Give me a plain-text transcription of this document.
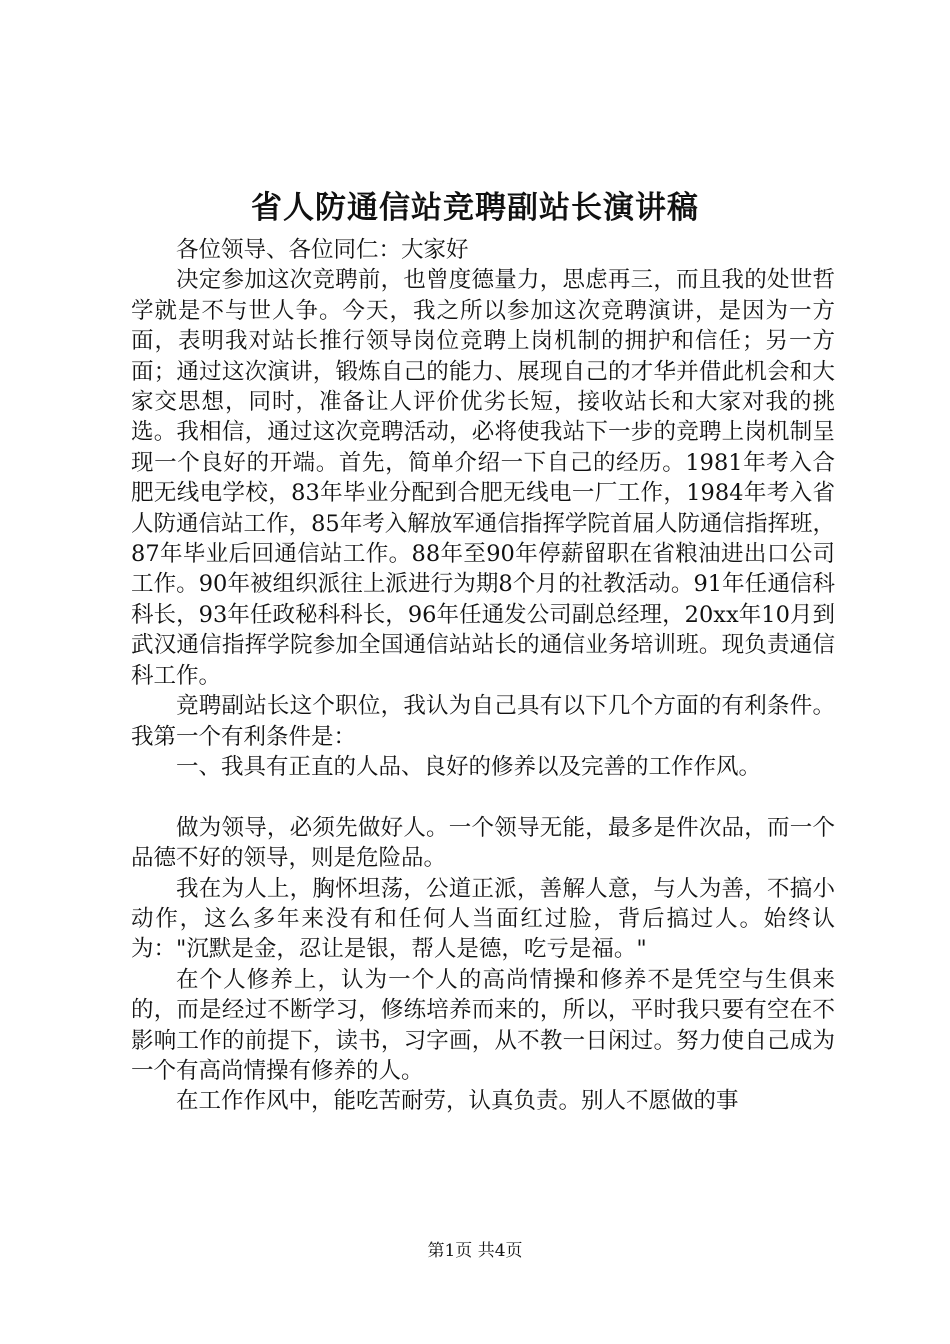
省人防通信站竞聘副站长演讲稿

各位领导、各位同仁：大家好

决定参加这次竞聘前，也曾度德量力，思虑再三，而且我的处世哲学就是不与世人争。今天，我之所以参加这次竞聘演讲，是因为一方面，表明我对站长推行领导岗位竞聘上岗机制的拥护和信任；另一方面；通过这次演讲，锻炼自己的能力、展现自己的才华并借此机会和大家交思想，同时，准备让人评价优劣长短，接收站长和大家对我的挑选。我相信，通过这次竞聘活动，必将使我站下一步的竞聘上岗机制呈现一个良好的开端。首先，简单介绍一下自己的经历。1981年考入合肥无线电学校，83年毕业分配到合肥无线电一厂工作，1984年考入省人防通信站工作，85年考入解放军通信指挥学院首届人防通信指挥班，87年毕业后回通信站工作。88年至90年停薪留职在省粮油进出口公司工作。90年被组织派往上派进行为期8个月的社教活动。91年任通信科科长，93年任政秘科科长，96年任通发公司副总经理，20xx年10月到武汉通信指挥学院参加全国通信站站长的通信业务培训班。现负责通信科工作。

竞聘副站长这个职位，我认为自己具有以下几个方面的有利条件。我第一个有利条件是：

一、我具有正直的人品、良好的修养以及完善的工作作风。

做为领导，必须先做好人。一个领导无能，最多是件次品，而一个品德不好的领导，则是危险品。

我在为人上，胸怀坦荡，公道正派，善解人意，与人为善，不搞小动作，这么多年来没有和任何人当面红过脸，背后搞过人。始终认为："沉默是金，忍让是银，帮人是德，吃亏是福。"

在个人修养上，认为一个人的高尚情操和修养不是凭空与生俱来的，而是经过不断学习，修练培养而来的，所以，平时我只要有空在不影响工作的前提下，读书，习字画，从不教一日闲过。努力使自己成为一个有高尚情操有修养的人。

在工作作风中，能吃苦耐劳，认真负责。别人不愿做的事

第1页 共4页
